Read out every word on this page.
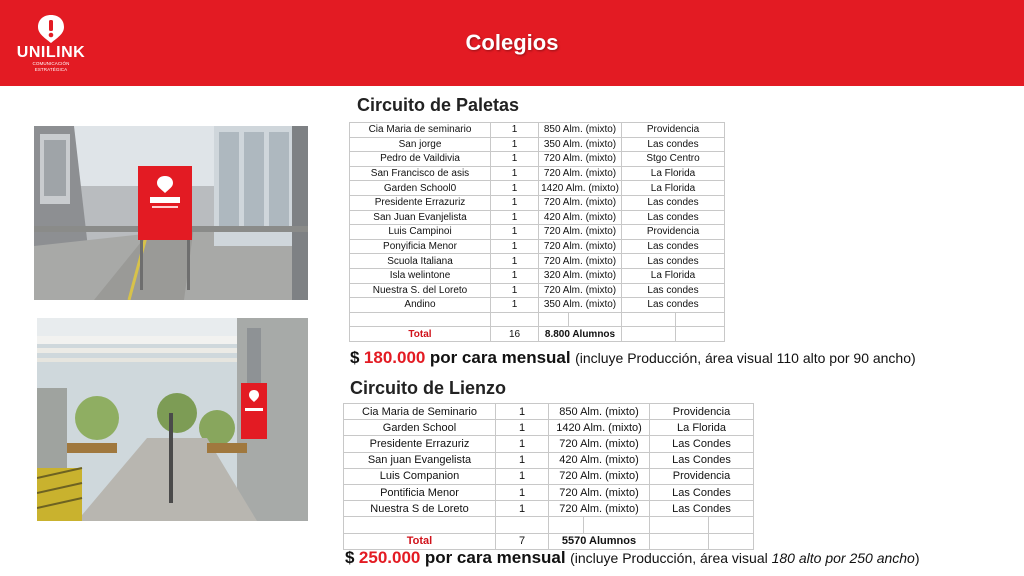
UNILINK
COMUNICACIÓN ESTRATÉGICA
Colegios
Circuito de Paletas
Cia Maria de seminario	1	850 Alm. (mixto)		Providencia	
San jorge	1	350 Alm. (mixto)		Las condes	
Pedro de Vaildivia	1	720 Alm. (mixto)		Stgo Centro	
San Francisco de asis	1	720 Alm. (mixto)		La Florida	
Garden School0	1	1420 Alm. (mixto)		La Florida	
Presidente Errazuriz	1	720 Alm. (mixto)		Las condes	
San Juan Evanjelista	1	420 Alm. (mixto)		Las condes	
Luis Campinoi	1	720 Alm. (mixto)		Providencia	
Ponyificia Menor	1	720 Alm. (mixto)		Las condes	
Scuola Italiana	1	720 Alm. (mixto)		Las condes	
Isla welintone	1	320 Alm. (mixto)		La Florida	
Nuestra S. del Loreto	1	720 Alm. (mixto)		Las condes	
Andino	1	350 Alm. (mixto)		Las condes	

Total	16	8.800 Alumnos			
$ 180.000 por cara mensual (incluye Producción, área visual 110 alto por 90 ancho)
Circuito de Lienzo
Cia Maria de Seminario	1	850 Alm. (mixto)		Providencia	
Garden School	1	1420 Alm. (mixto)		La Florida	
Presidente Errazuriz	1	720 Alm. (mixto)		Las Condes	
San juan Evangelista	1	420 Alm. (mixto)		Las Condes	
Luis Companion	1	720 Alm. (mixto)		Providencia	
Pontificia Menor	1	720 Alm. (mixto)		Las Condes	
Nuestra S de Loreto	1	720 Alm. (mixto)		Las Condes	

Total	7	5570 Alumnos			
$ 250.000 por cara mensual (incluye Producción, área visual 180 alto por 250 ancho)
